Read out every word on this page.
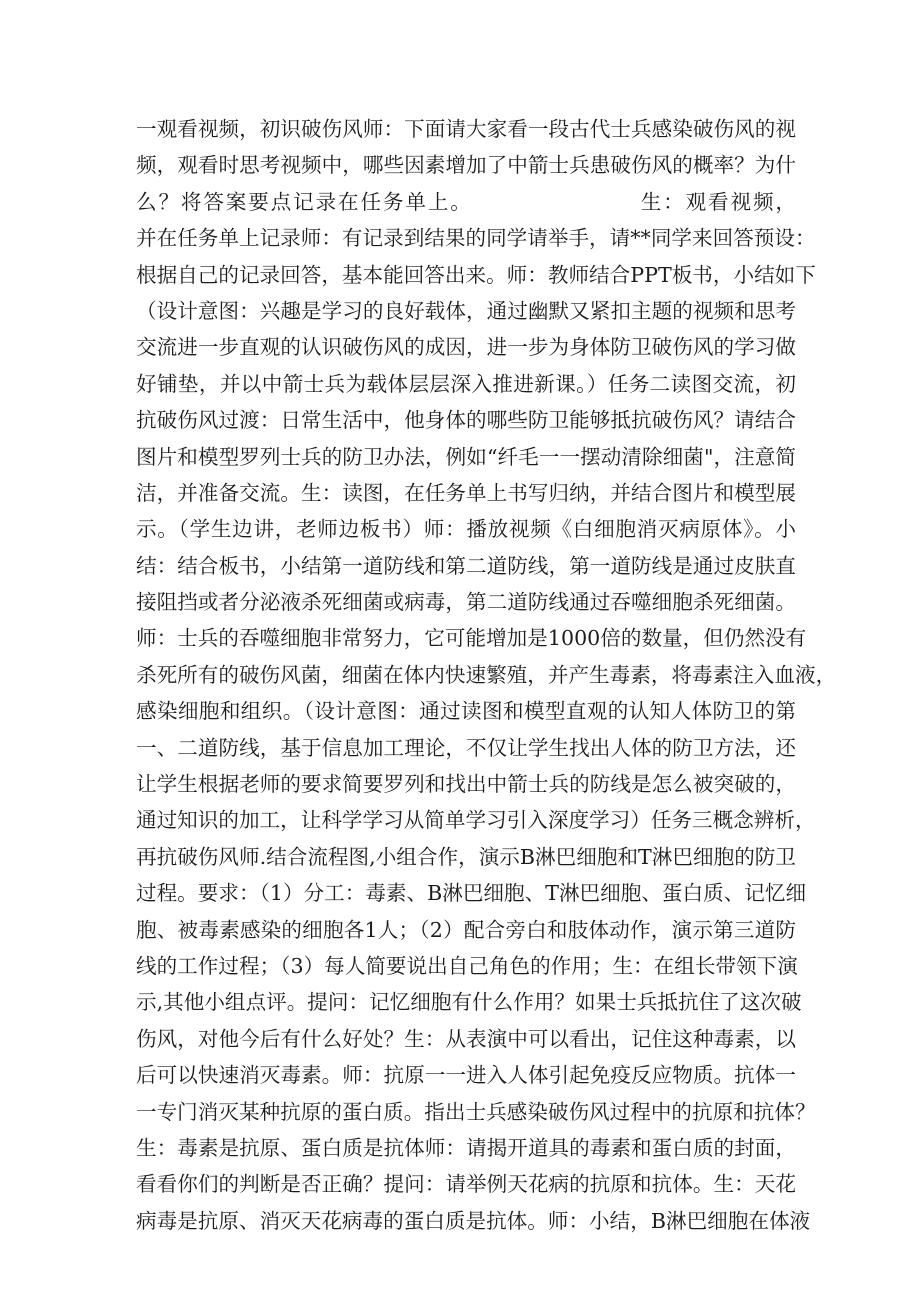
一观看视频，初识破伤风师：下面请大家看一段古代士兵感染破伤风的视
频，观看时思考视频中，哪些因素增加了中箭士兵患破伤风的概率？为什
么？将答案要点记录在任务单上。                    生：观看视频，
并在任务单上记录师：有记录到结果的同学请举手，请**同学来回答预设：
根据自己的记录回答，基本能回答出来。师：教师结合PPT板书，小结如下
（设计意图：兴趣是学习的良好载体，通过幽默又紧扣主题的视频和思考
交流进一步直观的认识破伤风的成因，进一步为身体防卫破伤风的学习做
好铺垫，并以中箭士兵为载体层层深入推进新课。）任务二读图交流，初
抗破伤风过渡：日常生活中，他身体的哪些防卫能够抵抗破伤风？请结合
图片和模型罗列士兵的防卫办法，例如“纤毛一一摆动清除细菌"，注意简
洁，并准备交流。生：读图，在任务单上书写归纳，并结合图片和模型展
示。（学生边讲，老师边板书）师：播放视频《白细胞消灭病原体》。小
结：结合板书，小结第一道防线和第二道防线，第一道防线是通过皮肤直
接阻挡或者分泌液杀死细菌或病毒，第二道防线通过吞噬细胞杀死细菌。
师：士兵的吞噬细胞非常努力，它可能增加是1000倍的数量，但仍然没有
杀死所有的破伤风菌，细菌在体内快速繁殖，并产生毒素，将毒素注入血液，
感染细胞和组织。（设计意图：通过读图和模型直观的认知人体防卫的第
一、二道防线，基于信息加工理论，不仅让学生找出人体的防卫方法，还
让学生根据老师的要求简要罗列和找出中箭士兵的防线是怎么被突破的，
通过知识的加工，让科学学习从简单学习引入深度学习）任务三概念辨析，
再抗破伤风师.结合流程图,小组合作，演示B淋巴细胞和T淋巴细胞的防卫
过程。要求：（1）分工：毒素、B淋巴细胞、T淋巴细胞、蛋白质、记忆细
胞、被毒素感染的细胞各1人；（2）配合旁白和肢体动作，演示第三道防
线的工作过程；（3）每人简要说出自己角色的作用；生：在组长带领下演
示,其他小组点评。提问：记忆细胞有什么作用？如果士兵抵抗住了这次破
伤风，对他今后有什么好处？生：从表演中可以看出，记住这种毒素，以
后可以快速消灭毒素。师：抗原一一进入人体引起免疫反应物质。抗体一
一专门消灭某种抗原的蛋白质。指出士兵感染破伤风过程中的抗原和抗体？
生：毒素是抗原、蛋白质是抗体师：请揭开道具的毒素和蛋白质的封面，
看看你们的判断是否正确？提问：请举例天花病的抗原和抗体。生：天花
病毒是抗原、消灭天花病毒的蛋白质是抗体。师：小结，B淋巴细胞在体液
